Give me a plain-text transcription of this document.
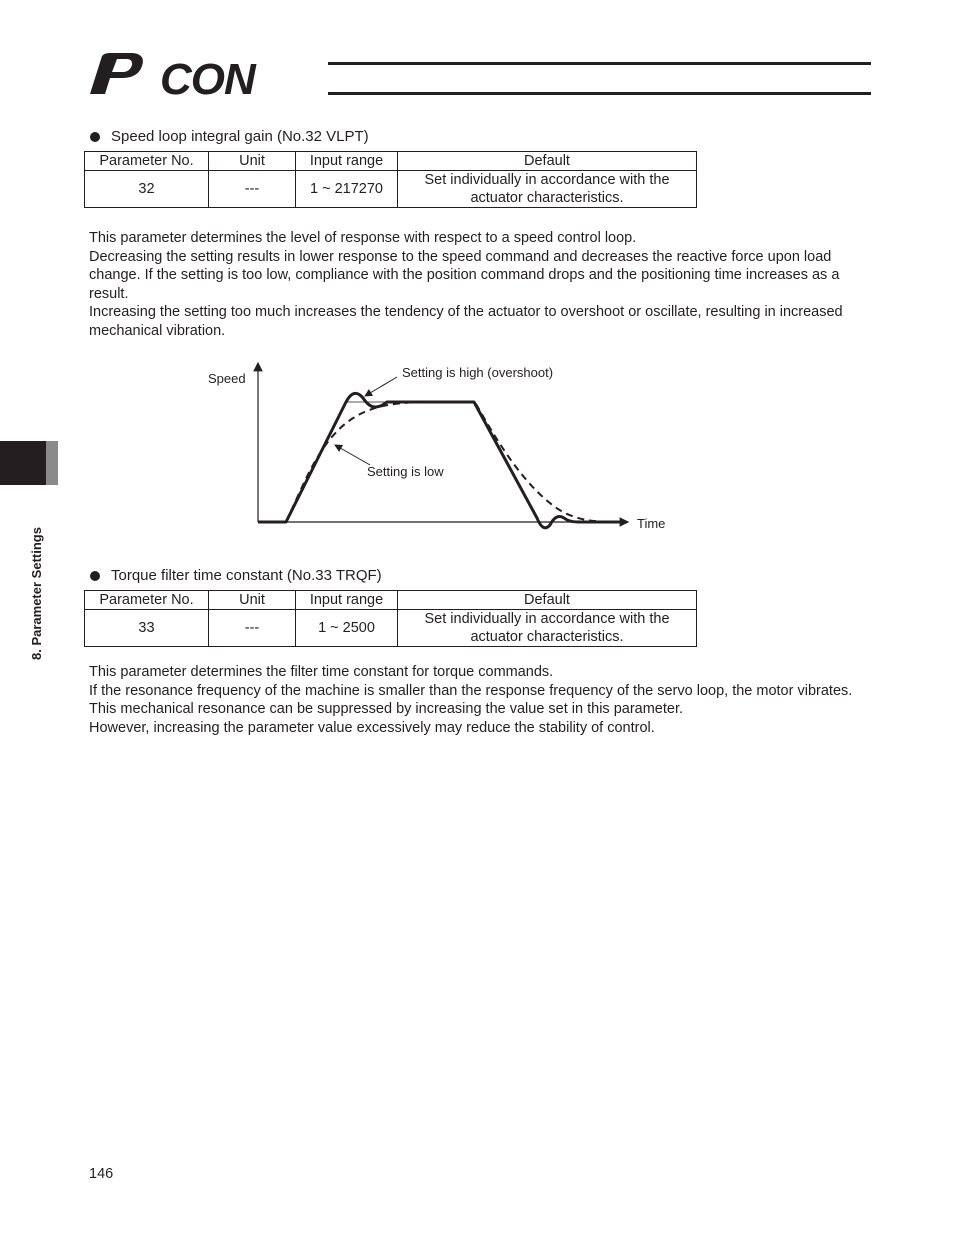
CON
8. Parameter Settings
Speed loop integral gain (No.32 VLPT)
Parameter No.	Unit	Input range	Default
32	---	1 ~ 217270	Set individually in accordance with the actuator characteristics.

This parameter determines the level of response with respect to a speed control loop.

Decreasing the setting results in lower response to the speed command and decreases the reactive force upon load change. If the setting is too low, compliance with the position command drops and the positioning time increases as a result.

Increasing the setting too much increases the tendency of the actuator to overshoot or oscillate, resulting in increased mechanical vibration.

Speed
Time
Setting is high (overshoot)
Setting is low
Torque filter time constant (No.33 TRQF)
Parameter No.	Unit	Input range	Default
33	---	1 ~ 2500	Set individually in accordance with the actuator characteristics.

This parameter determines the filter time constant for torque commands.

If the resonance frequency of the machine is smaller than the response frequency of the servo loop, the motor vibrates.

This mechanical resonance can be suppressed by increasing the value set in this parameter.

However, increasing the parameter value excessively may reduce the stability of control.

146
